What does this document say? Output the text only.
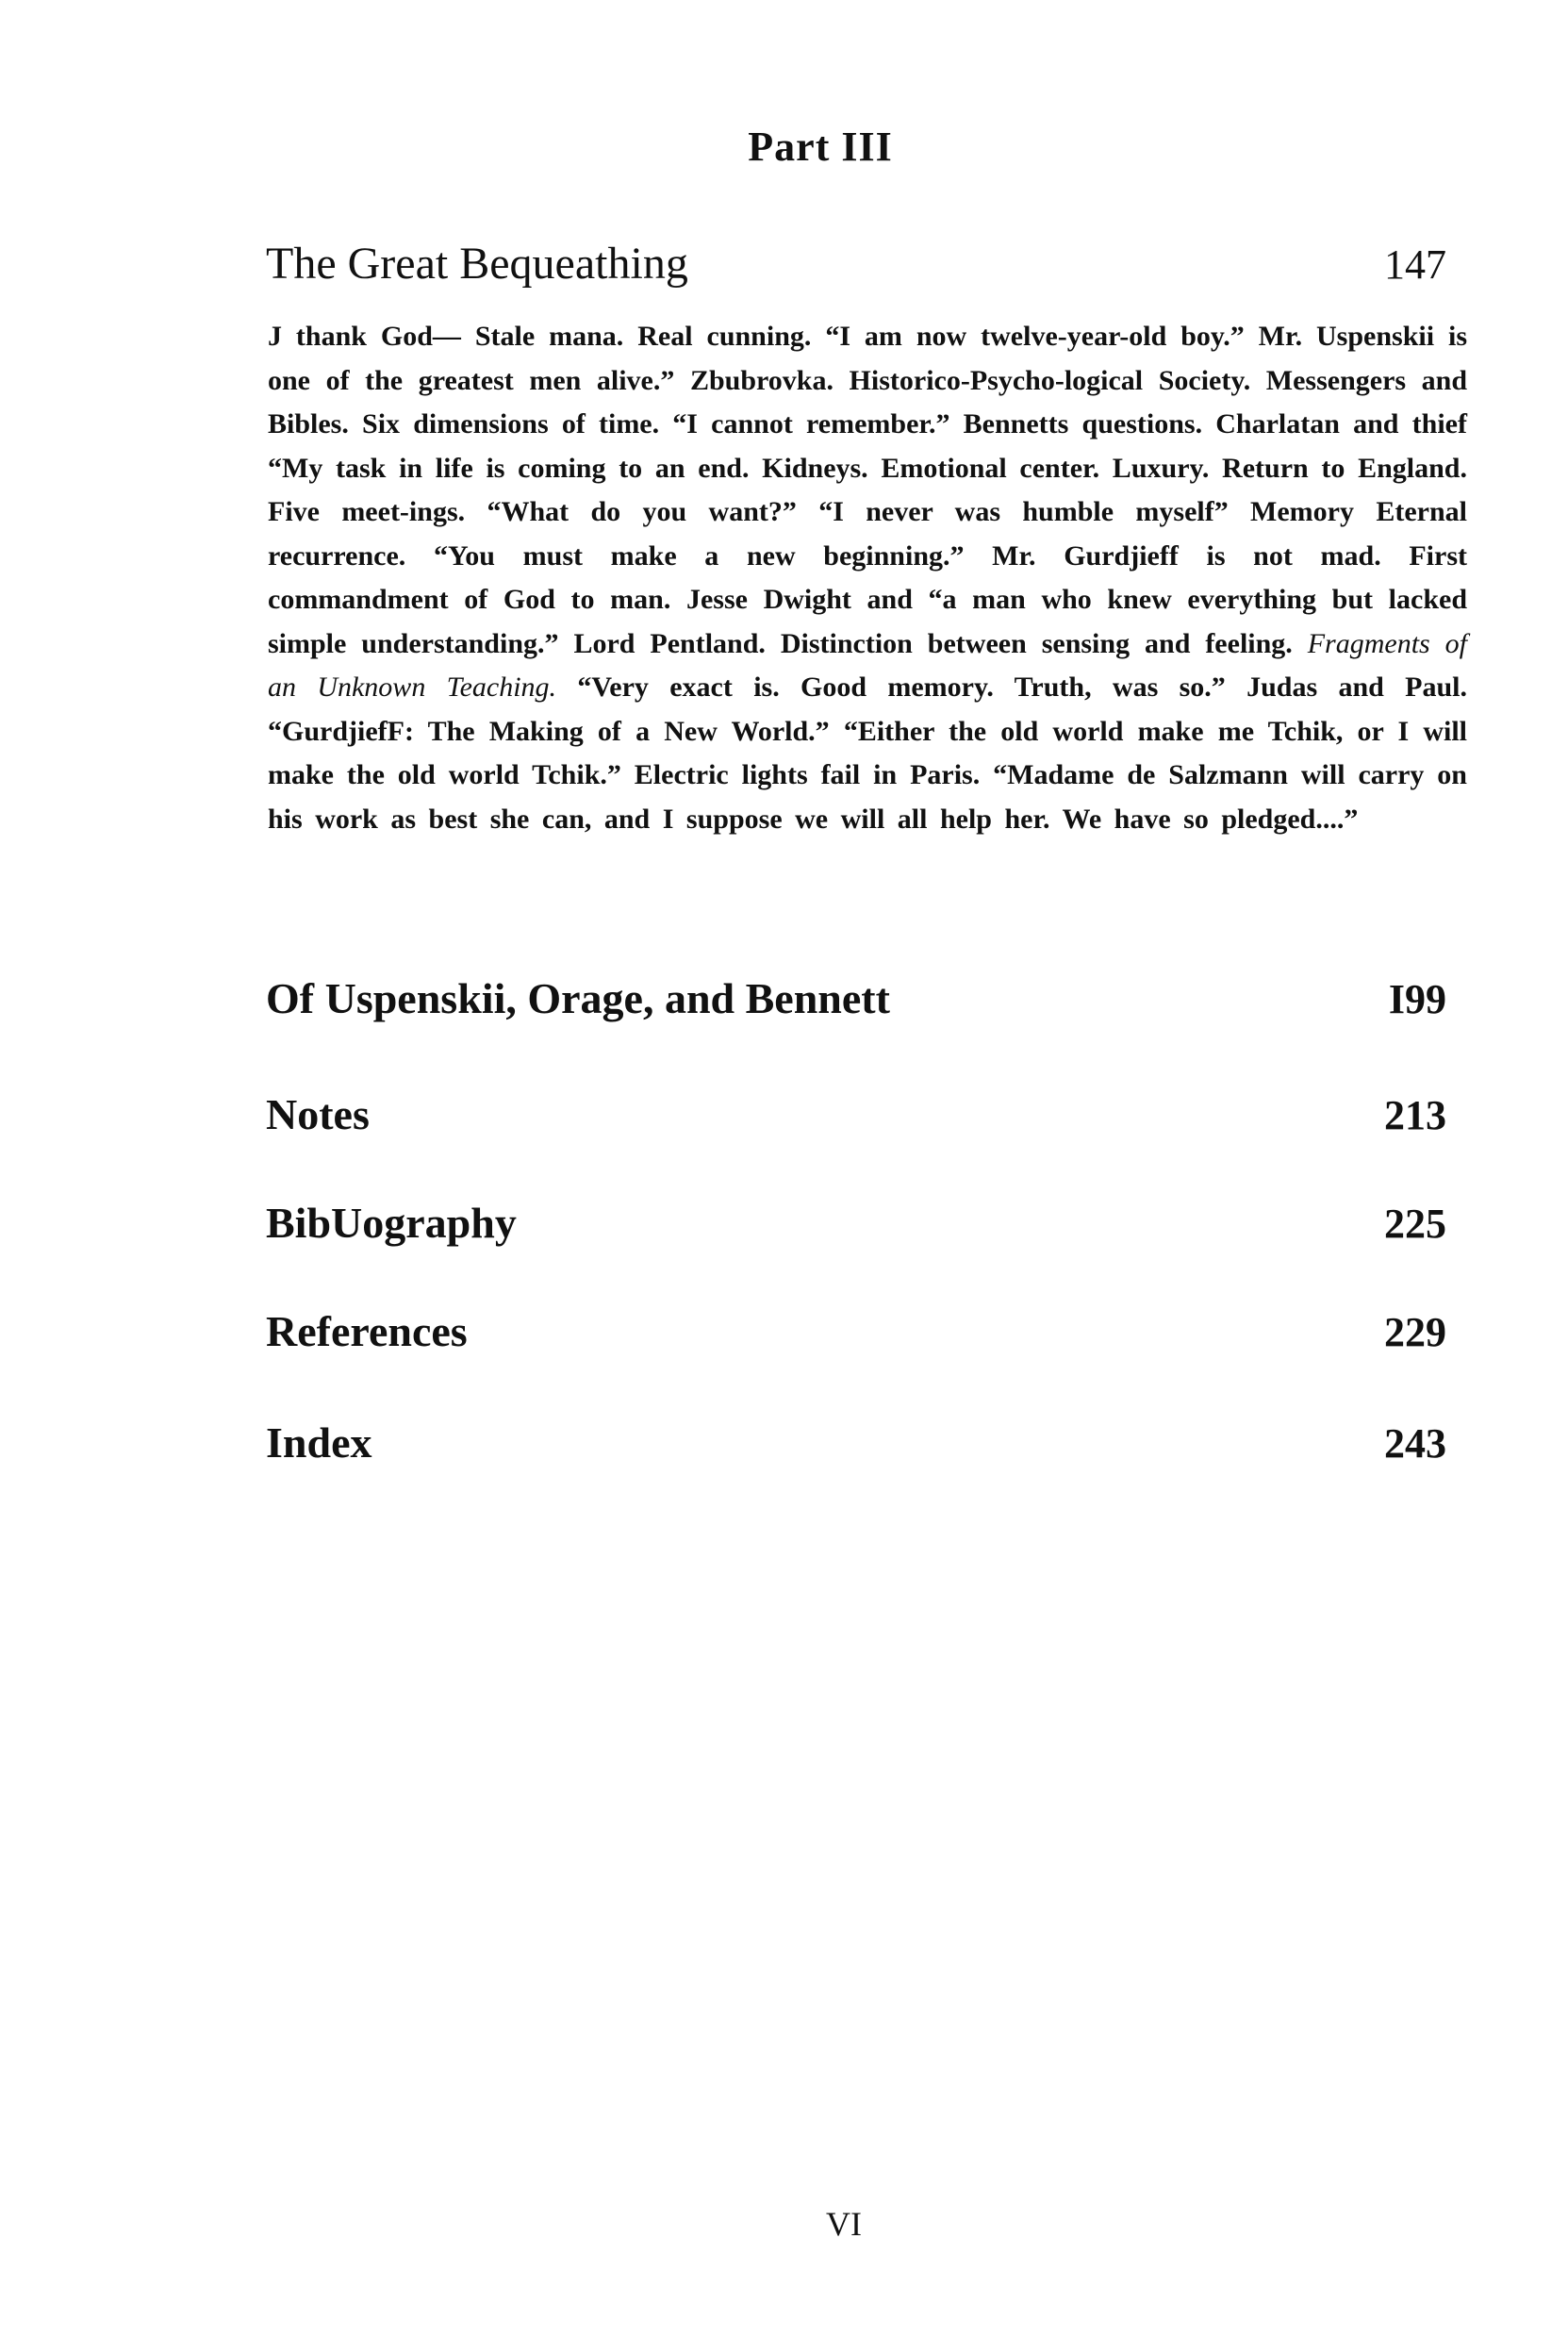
Part III
The Great Bequeathing	147

J thank God— Stale mana. Real cunning. “I am now twelve-year-old boy.” Mr. Uspenskii is one of the greatest men alive.” Zbubrovka. Historico-Psycho-logical Society. Messengers and Bibles. Six dimensions of time. “I cannot remember.” Bennetts questions. Charlatan and thief “My task in life is coming to an end. Kidneys. Emotional center. Luxury. Return to England. Five meet-ings. “What do you want?” “I never was humble myself” Memory Eternal recurrence. “You must make a new beginning.” Mr. Gurdjieff is not mad. First commandment of God to man. Jesse Dwight and “a man who knew everything but lacked simple understanding.” Lord Pentland. Distinction between sensing and feeling. Fragments of an Unknown Teaching. “Very exact is. Good memory. Truth, was so.” Judas and Paul. “GurdjiefF: The Making of a New World.” “Either the old world make me Tchik, or I will make the old world Tchik.” Electric lights fail in Paris. “Madame de Salzmann will carry on his work as best she can, and I suppose we will all help her. We have so pledged....”

Of Uspenskii, Orage, and Bennett	I99
Notes	213
BibUography	225
References	229
Index	243

VI
